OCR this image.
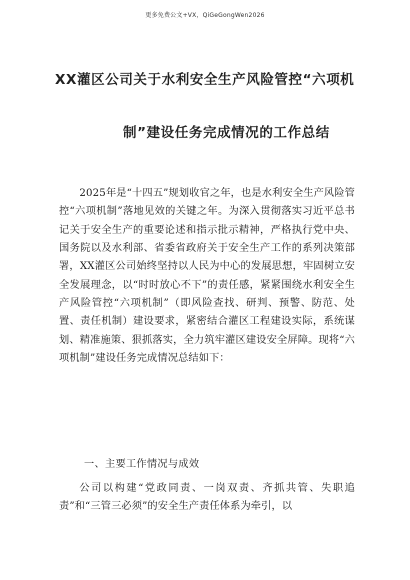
更多免费公文+VX，QiGeGongWen2026
XX灌区公司关于水利安全生产风险管控“六项机
制”建设任务完成情况的工作总结
2025年是“十四五”规划收官之年，也是水利安全生产风险管控“六项机制”落地见效的关键之年。为深入贯彻落实习近平总书记关于安全生产的重要论述和指示批示精神，严格执行党中央、国务院以及水利部、省委省政府关于安全生产工作的系列决策部署，XX灌区公司始终坚持以人民为中心的发展思想，牢固树立安全发展理念，以“时时放心不下”的责任感，紧紧围绕水利安全生产风险管控“六项机制”（即风险查找、研判、预警、防范、处置、责任机制）建设要求，紧密结合灌区工程建设实际，系统谋划、精准施策、狠抓落实，全力筑牢灌区建设安全屏障。现将“六项机制”建设任务完成情况总结如下：
一、主要工作情况与成效
公司以构建“党政同责、一岗双责、齐抓共管、失职追责”和“三管三必须”的安全生产责任体系为牵引，以
